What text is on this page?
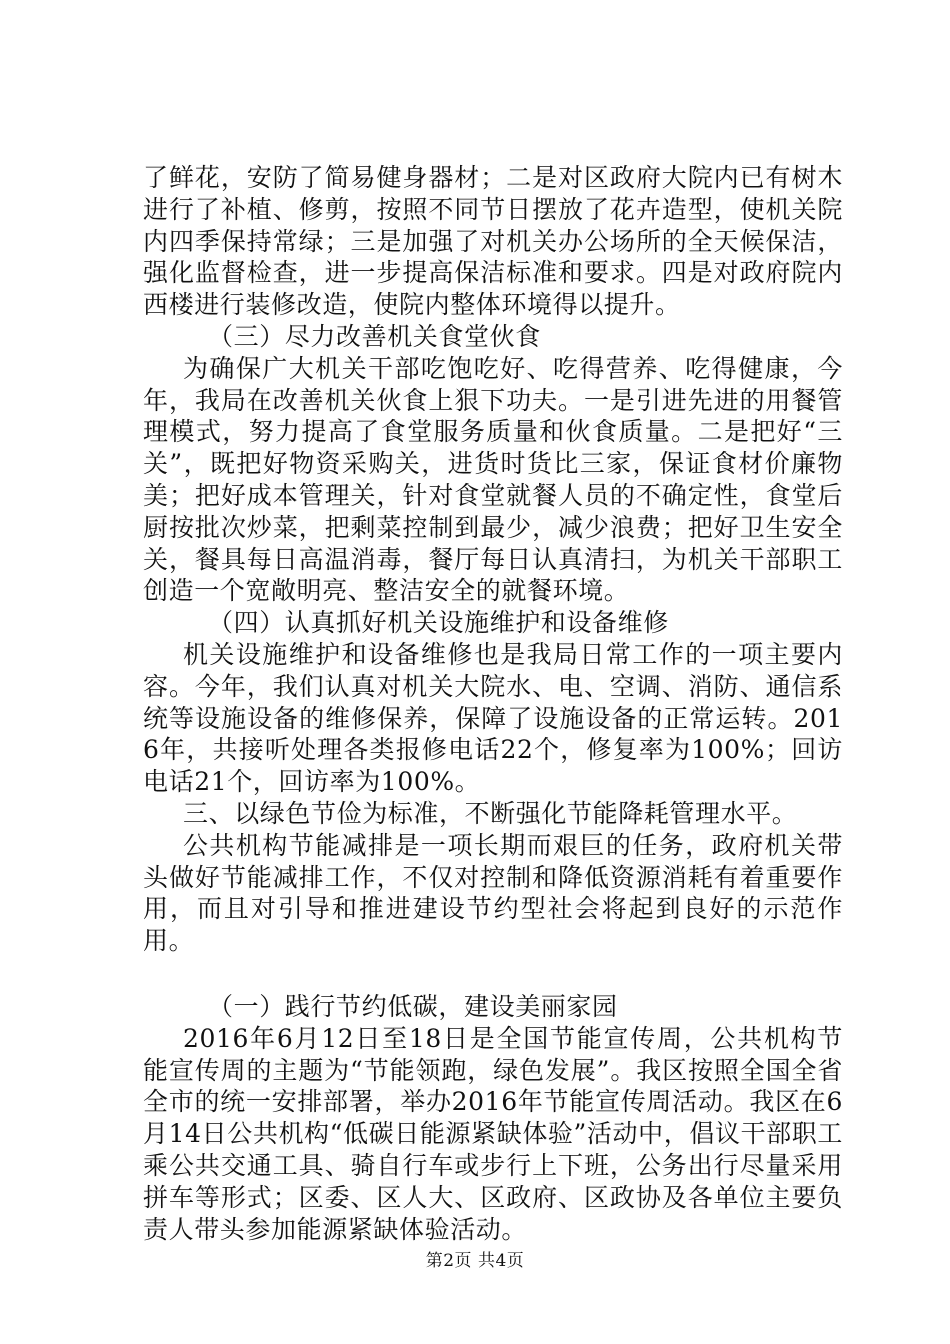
了鲜花，安防了简易健身器材；二是对区政府大院内已有树木进行了补植、修剪，按照不同节日摆放了花卉造型，使机关院内四季保持常绿；三是加强了对机关办公场所的全天候保洁，强化监督检查，进一步提高保洁标准和要求。四是对政府院内西楼进行装修改造，使院内整体环境得以提升。

（三）尽力改善机关食堂伙食

为确保广大机关干部吃饱吃好、吃得营养、吃得健康，今年，我局在改善机关伙食上狠下功夫。一是引进先进的用餐管理模式，努力提高了食堂服务质量和伙食质量。二是把好“三关”，既把好物资采购关，进货时货比三家，保证食材价廉物美；把好成本管理关，针对食堂就餐人员的不确定性，食堂后厨按批次炒菜，把剩菜控制到最少，减少浪费；把好卫生安全关，餐具每日高温消毒，餐厅每日认真清扫，为机关干部职工创造一个宽敞明亮、整洁安全的就餐环境。

（四）认真抓好机关设施维护和设备维修

机关设施维护和设备维修也是我局日常工作的一项主要内容。今年，我们认真对机关大院水、电、空调、消防、通信系统等设施设备的维修保养，保障了设施设备的正常运转。2016年，共接听处理各类报修电话22个，修复率为100%；回访电话21个，回访率为100%。

三、以绿色节俭为标准，不断强化节能降耗管理水平。

公共机构节能减排是一项长期而艰巨的任务，政府机关带头做好节能减排工作，不仅对控制和降低资源消耗有着重要作用，而且对引导和推进建设节约型社会将起到良好的示范作用。

（一）践行节约低碳，建设美丽家园

2016年6月12日至18日是全国节能宣传周，公共机构节能宣传周的主题为“节能领跑，绿色发展”。我区按照全国全省全市的统一安排部署，举办2016年节能宣传周活动。我区在6月14日公共机构“低碳日能源紧缺体验”活动中，倡议干部职工乘公共交通工具、骑自行车或步行上下班，公务出行尽量采用拼车等形式；区委、区人大、区政府、区政协及各单位主要负责人带头参加能源紧缺体验活动。

第2页 共4页
